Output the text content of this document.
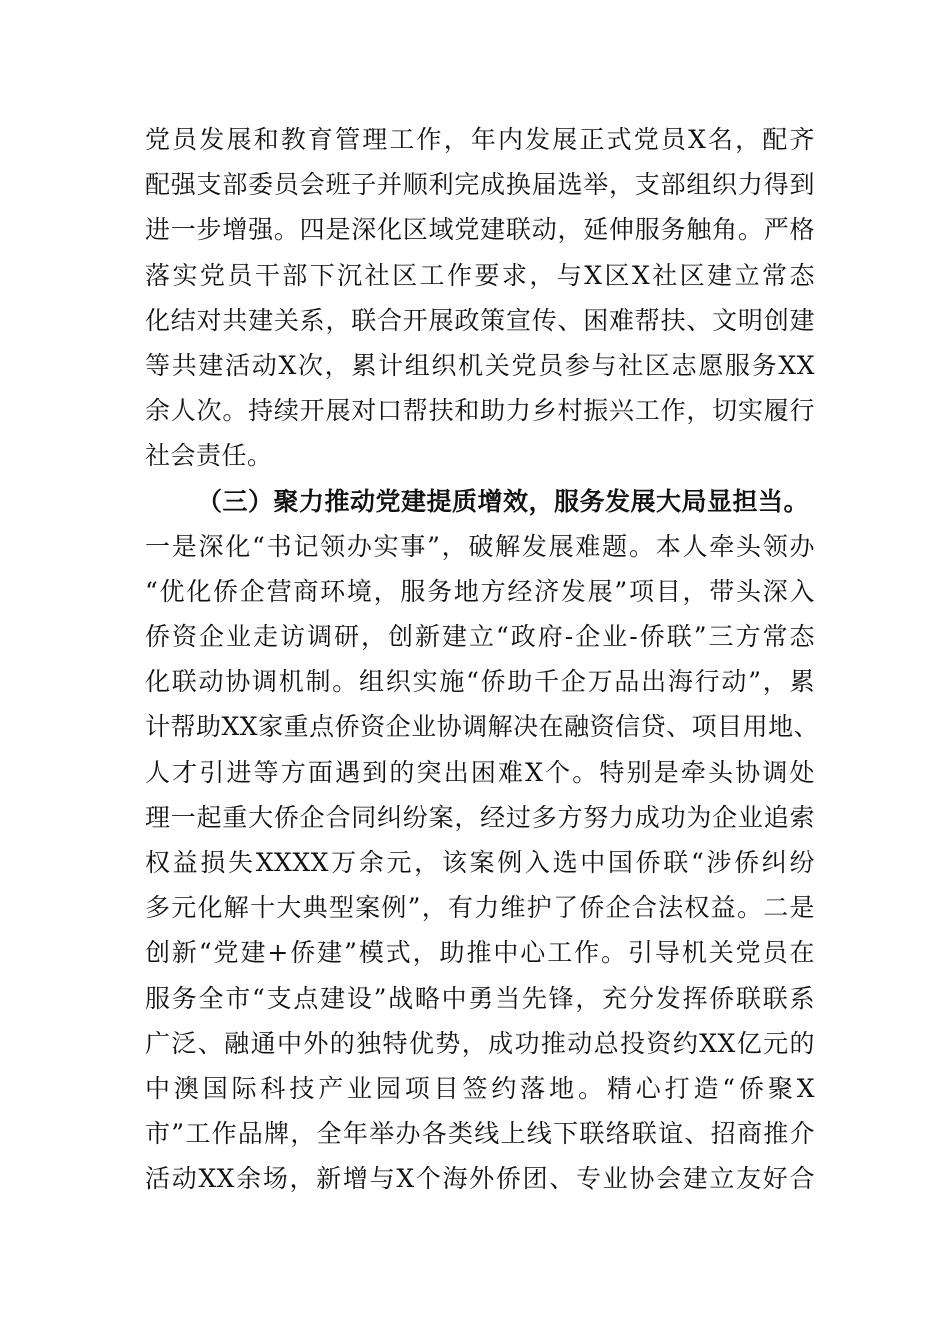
党员发展和教育管理工作，年内发展正式党员X名，配齐
配强支部委员会班子并顺利完成换届选举，支部组织力得到
进一步增强。四是深化区域党建联动，延伸服务触角。严格
落实党员干部下沉社区工作要求，与X区X社区建立常态
化结对共建关系，联合开展政策宣传、困难帮扶、文明创建
等共建活动X次，累计组织机关党员参与社区志愿服务XX
余人次。持续开展对口帮扶和助力乡村振兴工作，切实履行
社会责任。
（三）聚力推动党建提质增效，服务发展大局显担当。
一是深化“书记领办实事”，破解发展难题。本人牵头领办
“优化侨企营商环境，服务地方经济发展”项目，带头深入
侨资企业走访调研，创新建立“政府-企业-侨联”三方常态
化联动协调机制。组织实施“侨助千企万品出海行动”，累
计帮助XX家重点侨资企业协调解决在融资信贷、项目用地、
人才引进等方面遇到的突出困难X个。特别是牵头协调处
理一起重大侨企合同纠纷案，经过多方努力成功为企业追索
权益损失XXXX万余元，该案例入选中国侨联“涉侨纠纷
多元化解十大典型案例”，有力维护了侨企合法权益。二是
创新“党建+侨建”模式，助推中心工作。引导机关党员在
服务全市“支点建设”战略中勇当先锋，充分发挥侨联联系
广泛、融通中外的独特优势，成功推动总投资约XX亿元的
中澳国际科技产业园项目签约落地。精心打造“侨聚X
市”工作品牌，全年举办各类线上线下联络联谊、招商推介
活动XX余场，新增与X个海外侨团、专业协会建立友好合
